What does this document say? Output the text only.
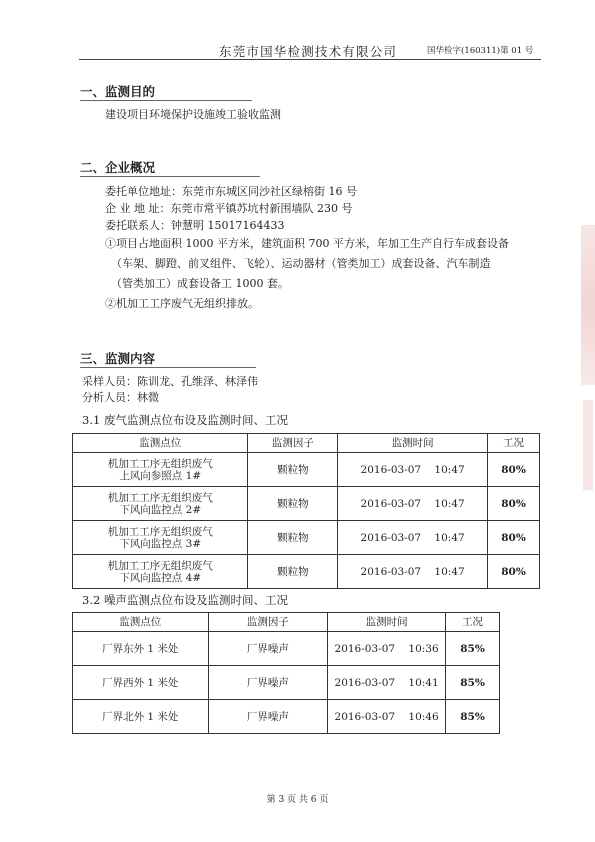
东莞市国华检测技术有限公司	国华检字(160311)第 01 号
一、监测目的
建设项目环境保护设施竣工验收监测
二、企业概况
委托单位地址：东莞市东城区同沙社区绿榕街 16 号
企 业 地 址：东莞市常平镇苏坑村新围墙队 230 号
委托联系人：钟慧明 15017164433
①项目占地面积 1000 平方米，建筑面积 700 平方米，年加工生产自行车成套设备
（车架、脚蹬、前叉组件、飞轮）、运动器材（管类加工）成套设备、汽车制造
（管类加工）成套设备工 1000 套。
②机加工工序废气无组织排放。
三、监测内容
采样人员：陈训龙、孔维泽、林泽伟
分析人员：林微
3.1 废气监测点位布设及监测时间、工况
监测点位	监测因子	监测时间	工况

机加工工序无组织废气
上风向参照点 1#	颗粒物	2016-03-07    10:47	80%

机加工工序无组织废气
下风向监控点 2#	颗粒物	2016-03-07    10:47	80%

机加工工序无组织废气
下风向监控点 3#	颗粒物	2016-03-07    10:47	80%

机加工工序无组织废气
下风向监控点 4#	颗粒物	2016-03-07    10:47	80%
3.2 噪声监测点位布设及监测时间、工况
监测点位	监测因子	监测时间	工况
厂界东外 1 米处	厂界噪声	2016-03-07    10:36	85%
厂界西外 1 米处	厂界噪声	2016-03-07    10:41	85%
厂界北外 1 米处	厂界噪声	2016-03-07    10:46	85%
第 3 页 共 6 页
